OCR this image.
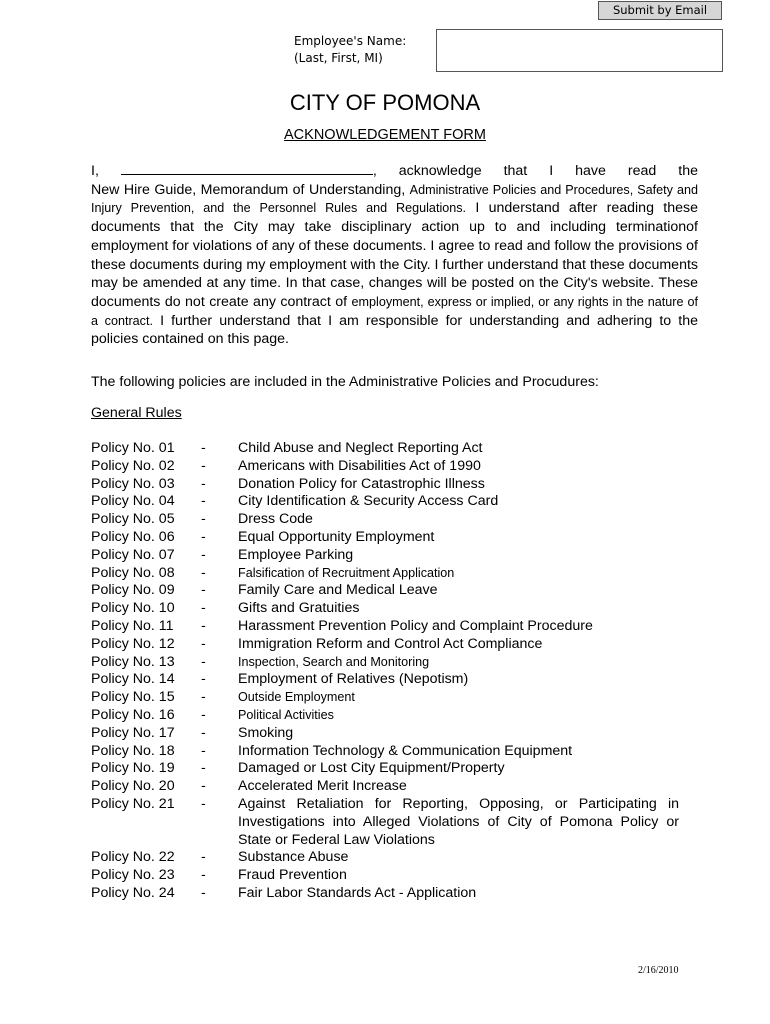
Submit by Email
Employee's Name:
(Last, First, MI)
CITY OF POMONA
ACKNOWLEDGEMENT FORM

I,	, acknowledge that I have read the
New Hire Guide, Memorandum of Understanding, Administrative Policies and Procedures, Safety and Injury Prevention, and the Personnel Rules and Regulations. I understand after reading these documents that the City may take disciplinary action up to and including terminationof employment for violations of any of these documents. I agree to read and follow the provisions of these documents during my employment with the City. I further understand that these documents may be amended at any time. In that case, changes will be posted on the City's website. These documents do not create any contract of employment, express or implied, or any rights in the nature of a contract. I further understand that I am responsible for understanding and adhering to the policies contained on this page.

The following policies are included in the Administrative Policies and Procudures:
General Rules
Policy No. 01	-	Child Abuse and Neglect Reporting Act
Policy No. 02	-	Americans with Disabilities Act of 1990
Policy No. 03	-	Donation Policy for Catastrophic Illness
Policy No. 04	-	City Identification & Security Access Card
Policy No. 05	-	Dress Code
Policy No. 06	-	Equal Opportunity Employment
Policy No. 07	-	Employee Parking
Policy No. 08	-	Falsification of Recruitment Application
Policy No. 09	-	Family Care and Medical Leave
Policy No. 10	-	Gifts and Gratuities
Policy No. 11	-	Harassment Prevention Policy and Complaint Procedure
Policy No. 12	-	Immigration Reform and Control Act Compliance
Policy No. 13	-	Inspection, Search and Monitoring
Policy No. 14	-	Employment of Relatives (Nepotism)
Policy No. 15	-	Outside Employment
Policy No. 16	-	Political Activities
Policy No. 17	-	Smoking
Policy No. 18	-	Information Technology & Communication Equipment
Policy No. 19	-	Damaged or Lost City Equipment/Property
Policy No. 20	-	Accelerated Merit Increase
Policy No. 21	-	Against Retaliation for Reporting, Opposing, or Participating in Investigations into Alleged Violations of City of Pomona Policy or State or Federal Law Violations
Policy No. 22	-	Substance Abuse
Policy No. 23	-	Fraud Prevention
Policy No. 24	-	Fair Labor Standards Act - Application
2/16/2010
